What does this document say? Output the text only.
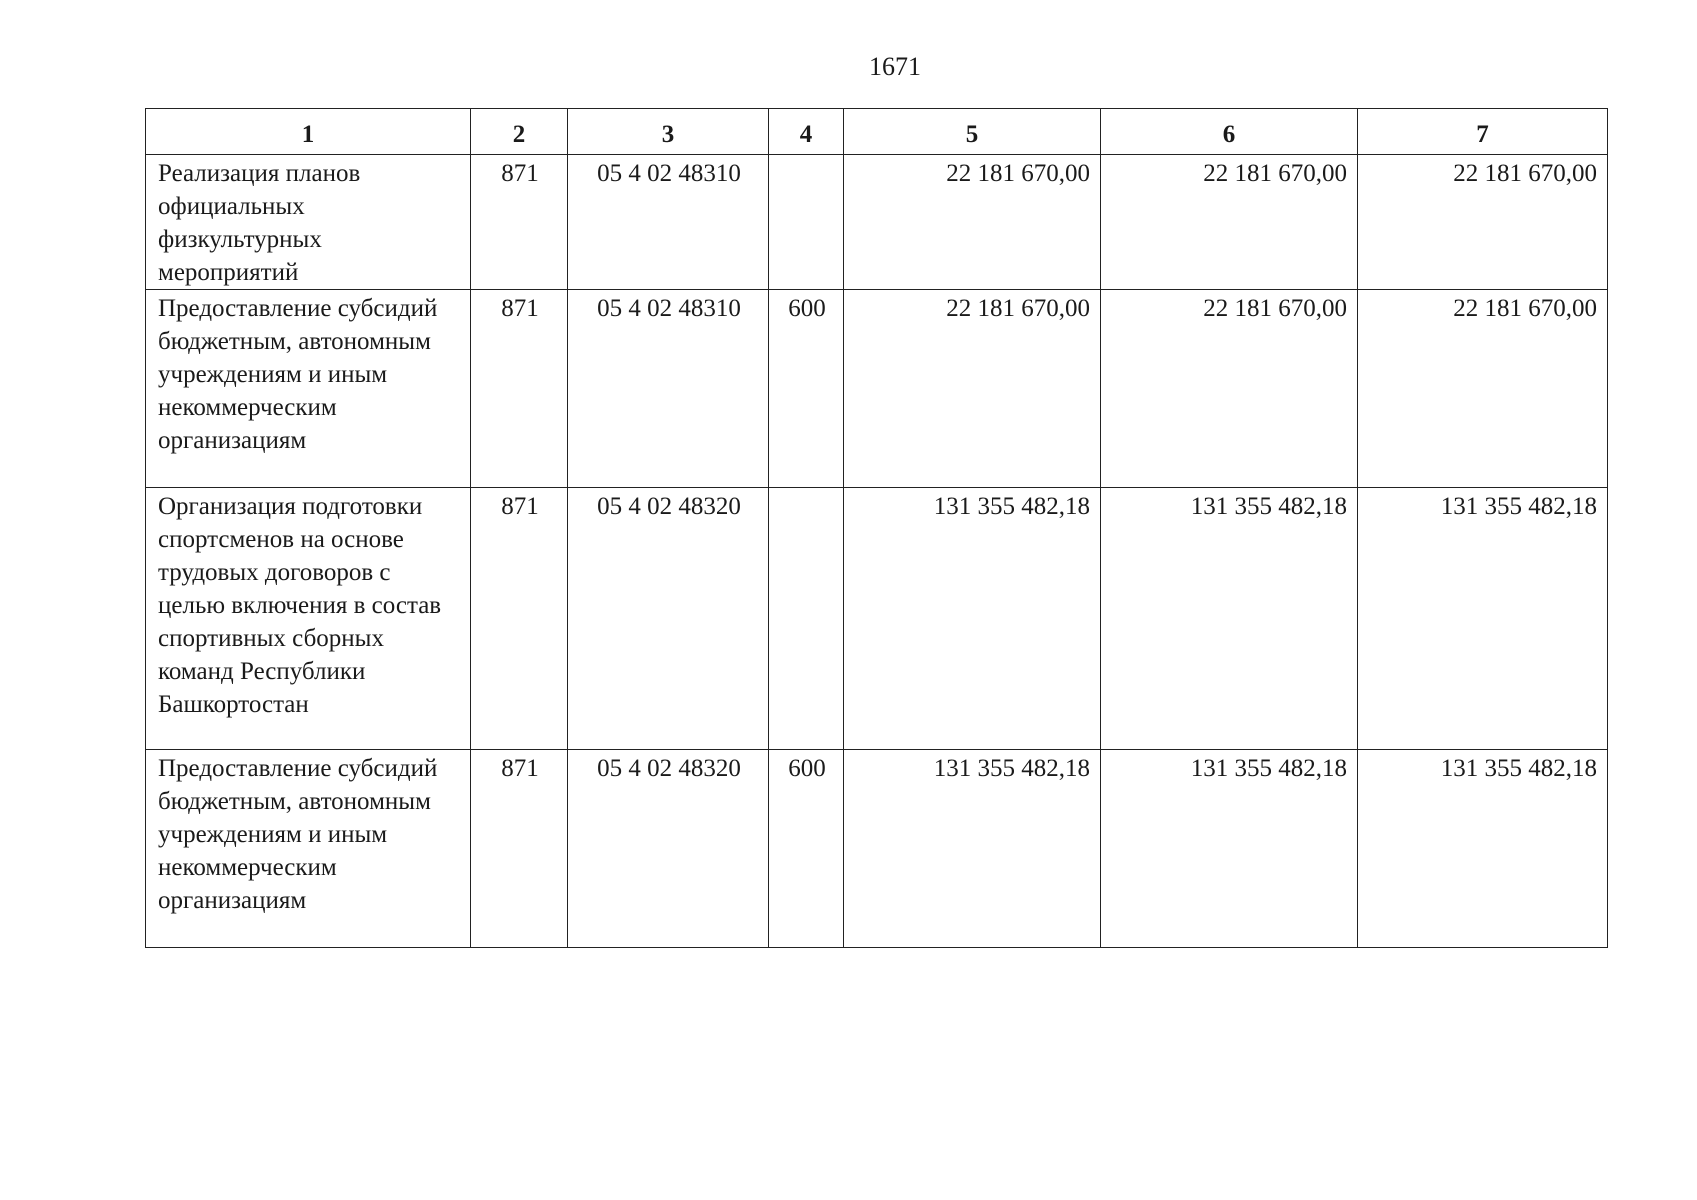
1671
1	2	3	4	5	6	7
Реализация планов официальных физкультурных мероприятий	871	05 4 02 48310		22 181 670,00	22 181 670,00	22 181 670,00
Предоставление субсидий бюджетным, автономным учреждениям и иным некоммерческим организациям	871	05 4 02 48310	600	22 181 670,00	22 181 670,00	22 181 670,00
Организация подготовки спортсменов на основе трудовых договоров с целью включения в состав спортивных сборных команд Республики Башкортостан	871	05 4 02 48320		131 355 482,18	131 355 482,18	131 355 482,18
Предоставление субсидий бюджетным, автономным учреждениям и иным некоммерческим организациям	871	05 4 02 48320	600	131 355 482,18	131 355 482,18	131 355 482,18
